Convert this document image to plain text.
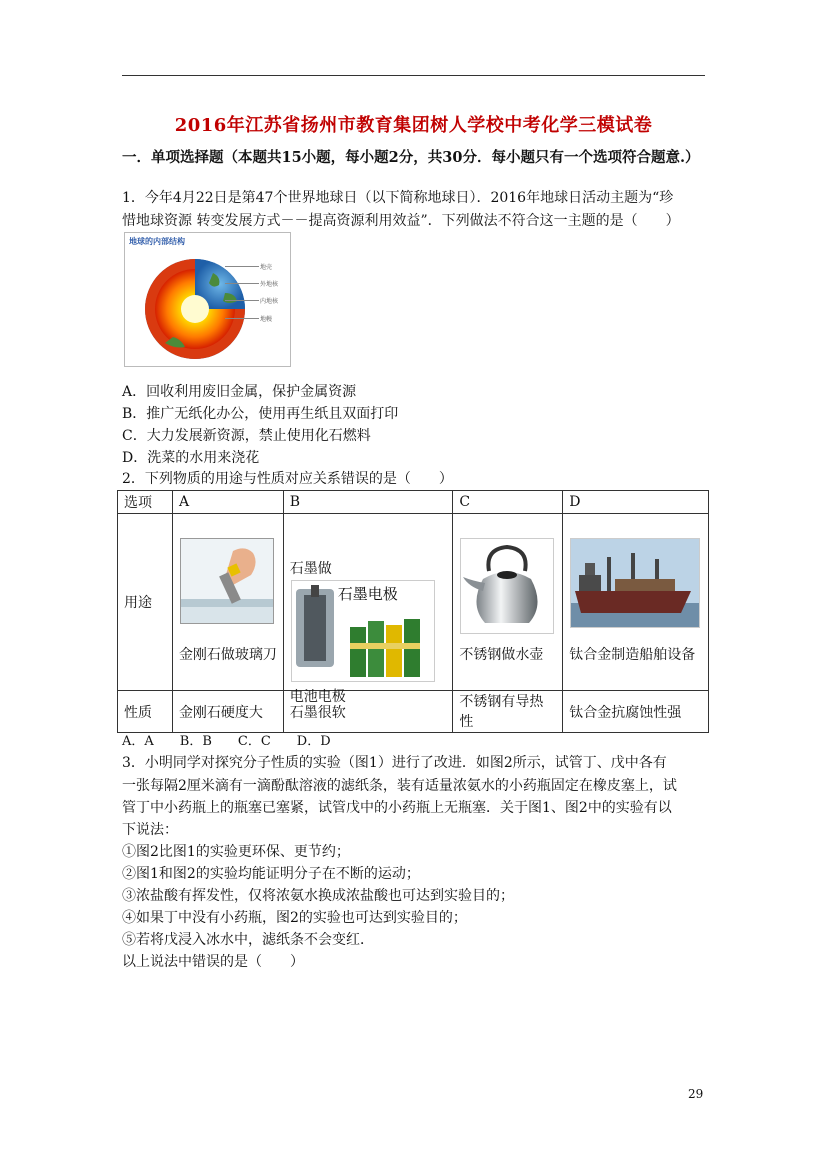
2016年江苏省扬州市教育集团树人学校中考化学三模试卷
一．单项选择题（本题共15小题，每小题2分，共30分．每小题只有一个选项符合题意.）
1．今年4月22日是第47个世界地球日（以下简称地球日）．2016年地球日活动主题为“珍
惜地球资源 转变发展方式－－提高资源利用效益”．下列做法不符合这一主题的是（　　）
地球的内部结构
地壳
外地核
内地核
地幔
A．回收利用废旧金属，保护金属资源
B．推广无纸化办公，使用再生纸且双面打印
C．大力发展新资源，禁止使用化石燃料
D．洗菜的水用来浇花
2．下列物质的用途与性质对应关系错误的是（　　）
选项	A	B	C	D
用途	金刚石做玻璃刀	石墨做
石墨电极
电池电极	不锈钢做水壶	钛合金制造船舶设备

性质	金刚石硬度大	石墨很软	不锈钢有导热性	钛合金抗腐蚀性强
A．A　　B．B　　C．C　　D．D
3．小明同学对探究分子性质的实验（图1）进行了改进．如图2所示，试管丁、戊中各有
一张每隔2厘米滴有一滴酚酞溶液的滤纸条，装有适量浓氨水的小药瓶固定在橡皮塞上，试
管丁中小药瓶上的瓶塞已塞紧，试管戊中的小药瓶上无瓶塞．关于图1、图2中的实验有以
下说法：
①图2比图1的实验更环保、更节约；
②图1和图2的实验均能证明分子在不断的运动；
③浓盐酸有挥发性，仅将浓氨水换成浓盐酸也可达到实验目的；
④如果丁中没有小药瓶，图2的实验也可达到实验目的；
⑤若将戊浸入冰水中，滤纸条不会变红．
以上说法中错误的是（　　）
29
